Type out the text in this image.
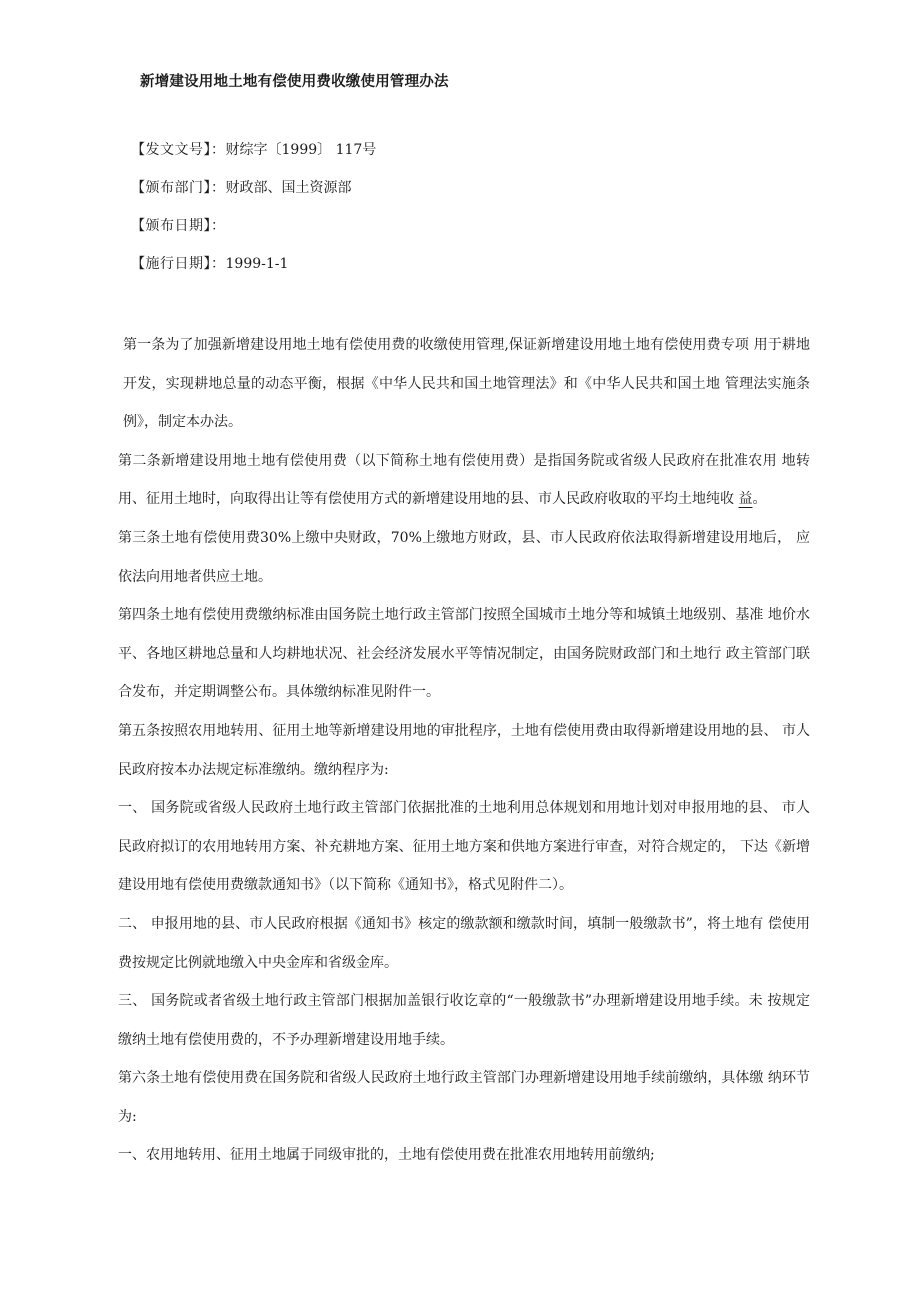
新增建设用地土地有偿使用费收缴使用管理办法
【发文文号】：财综字〔1999〕 117号
【颁布部门】：财政部、国土资源部
【颁布日期】：
【施行日期】：1999-1-1

第一条为了加强新增建设用地土地有偿使用费的收缴使用管理,保证新增建设用地土地有偿使用费专项 用于耕地开发，实现耕地总量的动态平衡，根据《中华人民共和国土地管理法》和《中华人民共和国土地 管理法实施条例》，制定本办法。

第二条新增建设用地土地有偿使用费（以下简称土地有偿使用费）是指国务院或省级人民政府在批准农用 地转用、征用土地时，向取得出让等有偿使用方式的新增建设用地的县、市人民政府收取的平均土地纯收 益。

第三条土地有偿使用费30%上缴中央财政，70%上缴地方财政，县、市人民政府依法取得新增建设用地后， 应依法向用地者供应土地。

第四条土地有偿使用费缴纳标准由国务院土地行政主管部门按照全国城市土地分等和城镇土地级别、基准 地价水平、各地区耕地总量和人均耕地状况、社会经济发展水平等情况制定，由国务院财政部门和土地行 政主管部门联合发布，并定期调整公布。具体缴纳标准见附件一。

第五条按照农用地转用、征用土地等新增建设用地的审批程序，土地有偿使用费由取得新增建设用地的县、 市人民政府按本办法规定标准缴纳。缴纳程序为:

一、 国务院或省级人民政府土地行政主管部门依据批准的土地利用总体规划和用地计划对申报用地的县、 市人民政府拟订的农用地转用方案、补充耕地方案、征用土地方案和供地方案进行审查，对符合规定的， 下达《新增建设用地有偿使用费缴款通知书》（以下简称《通知书》，格式见附件二）。

二、 申报用地的县、市人民政府根据《通知书》核定的缴款额和缴款时间，填制一般缴款书”，将土地有 偿使用费按规定比例就地缴入中央金库和省级金库。

三、 国务院或者省级土地行政主管部门根据加盖银行收讫章的“一般缴款书”办理新增建设用地手续。未 按规定缴纳土地有偿使用费的，不予办理新增建设用地手续。

第六条土地有偿使用费在国务院和省级人民政府土地行政主管部门办理新增建设用地手续前缴纳，具体缴 纳环节为:

一、农用地转用、征用土地属于同级审批的，土地有偿使用费在批准农用地转用前缴纳;
